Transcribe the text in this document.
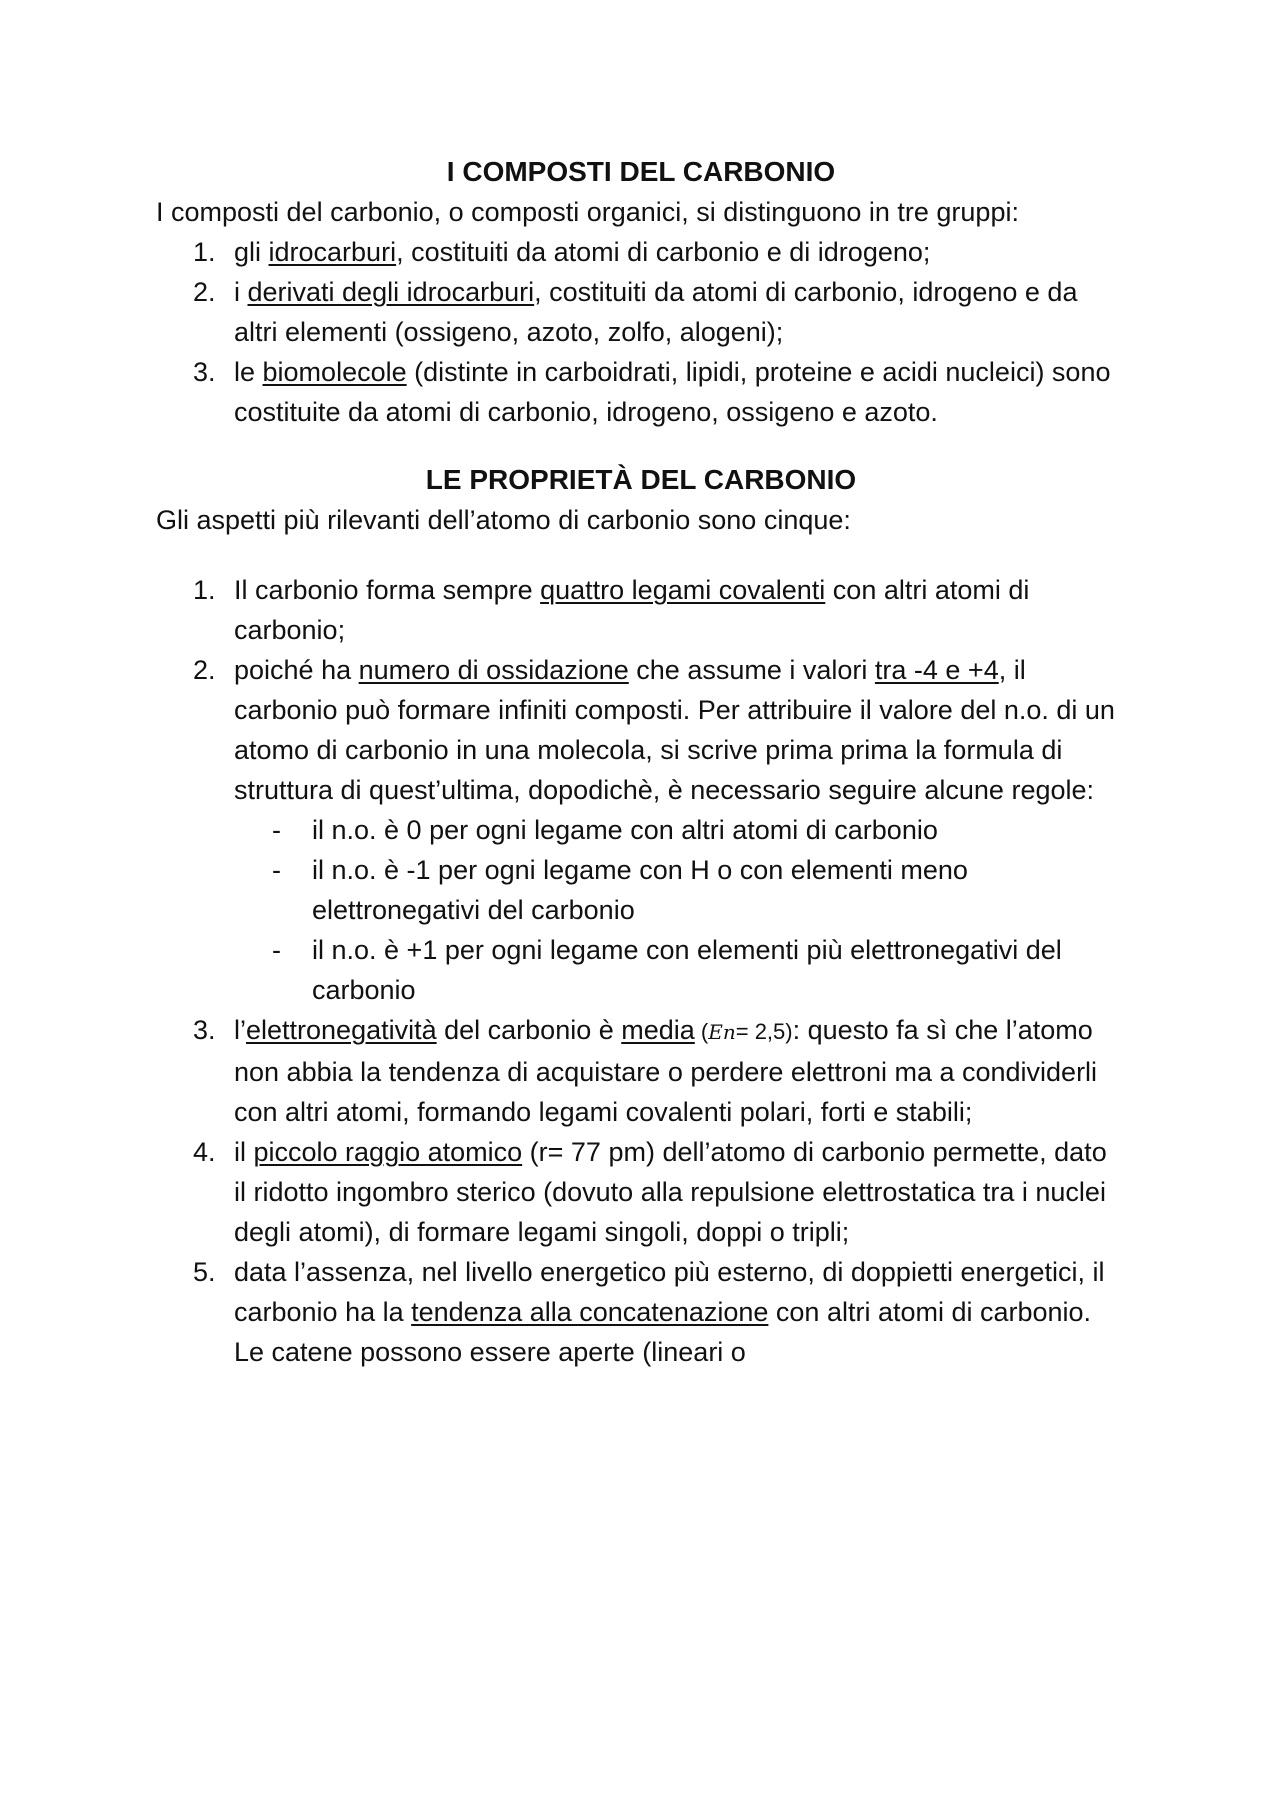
I COMPOSTI DEL CARBONIO

I composti del carbonio, o composti organici, si distinguono in tre gruppi:

1. gli idrocarburi, costituiti da atomi di carbonio e di idrogeno;
2. i derivati degli idrocarburi, costituiti da atomi di carbonio, idrogeno e da altri elementi (ossigeno, azoto, zolfo, alogeni);
3. le biomolecole (distinte in carboidrati, lipidi, proteine e acidi nucleici) sono costituite da atomi di carbonio, idrogeno, ossigeno e azoto.
LE PROPRIETÀ DEL CARBONIO

Gli aspetti più rilevanti dell’atomo di carbonio sono cinque:

1. Il carbonio forma sempre quattro legami covalenti con altri atomi di carbonio;
2. poiché ha numero di ossidazione che assume i valori tra -4 e +4, il carbonio può formare infiniti composti. Per attribuire il valore del n.o. di un atomo di carbonio in una molecola, si scrive prima prima la formula di struttura di quest’ultima, dopodichè, è necessario seguire alcune regole:
- il n.o. è 0 per ogni legame con altri atomi di carbonio
- il n.o. è -1 per ogni legame con H o con elementi meno elettronegativi del carbonio
- il n.o. è +1 per ogni legame con elementi più elettronegativi del carbonio
3. l’elettronegatività del carbonio è media (En= 2,5): questo fa sì che l’atomo non abbia la tendenza di acquistare o perdere elettroni ma a condividerli con altri atomi, formando legami covalenti polari, forti e stabili;
4. il piccolo raggio atomico (r= 77 pm) dell’atomo di carbonio permette, dato il ridotto ingombro sterico (dovuto alla repulsione elettrostatica tra i nuclei degli atomi), di formare legami singoli, doppi o tripli;
5. data l’assenza, nel livello energetico più esterno, di doppietti energetici, il carbonio ha la tendenza alla concatenazione con altri atomi di carbonio. Le catene possono essere aperte (lineari o
